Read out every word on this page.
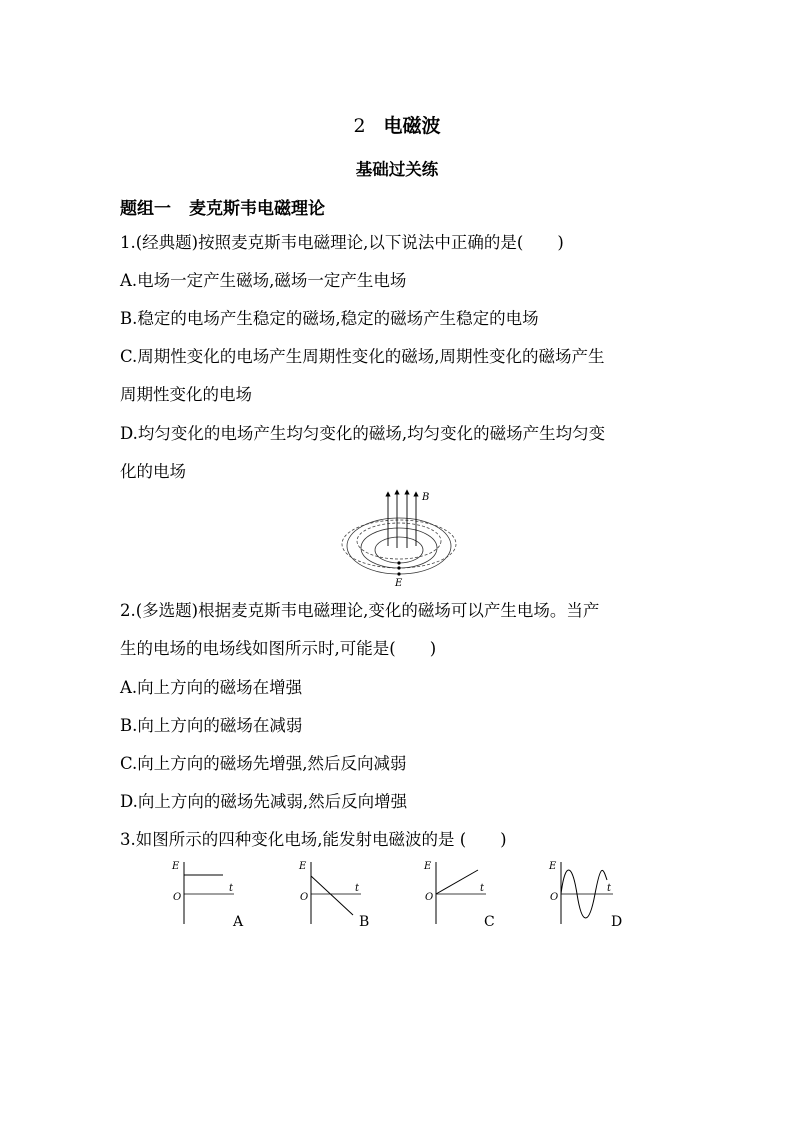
2 电磁波
基础过关练
题组一 麦克斯韦电磁理论
1.(经典题)按照麦克斯韦电磁理论,以下说法中正确的是( )
A.电场一定产生磁场,磁场一定产生电场
B.稳定的电场产生稳定的磁场,稳定的磁场产生稳定的电场
C.周期性变化的电场产生周期性变化的磁场,周期性变化的磁场产生
周期性变化的电场
D.均匀变化的电场产生均匀变化的磁场,均匀变化的磁场产生均匀变
化的电场
B
E
2.(多选题)根据麦克斯韦电磁理论,变化的磁场可以产生电场。当产
生的电场的电场线如图所示时,可能是( )
A.向上方向的磁场在增强
B.向上方向的磁场在减弱
C.向上方向的磁场先增强,然后反向减弱
D.向上方向的磁场先减弱,然后反向增强
3.如图所示的四种变化电场,能发射电磁波的是 ( )
E
O
t
A
E
O
t
B
E
O
t
C
E
O
t
D
